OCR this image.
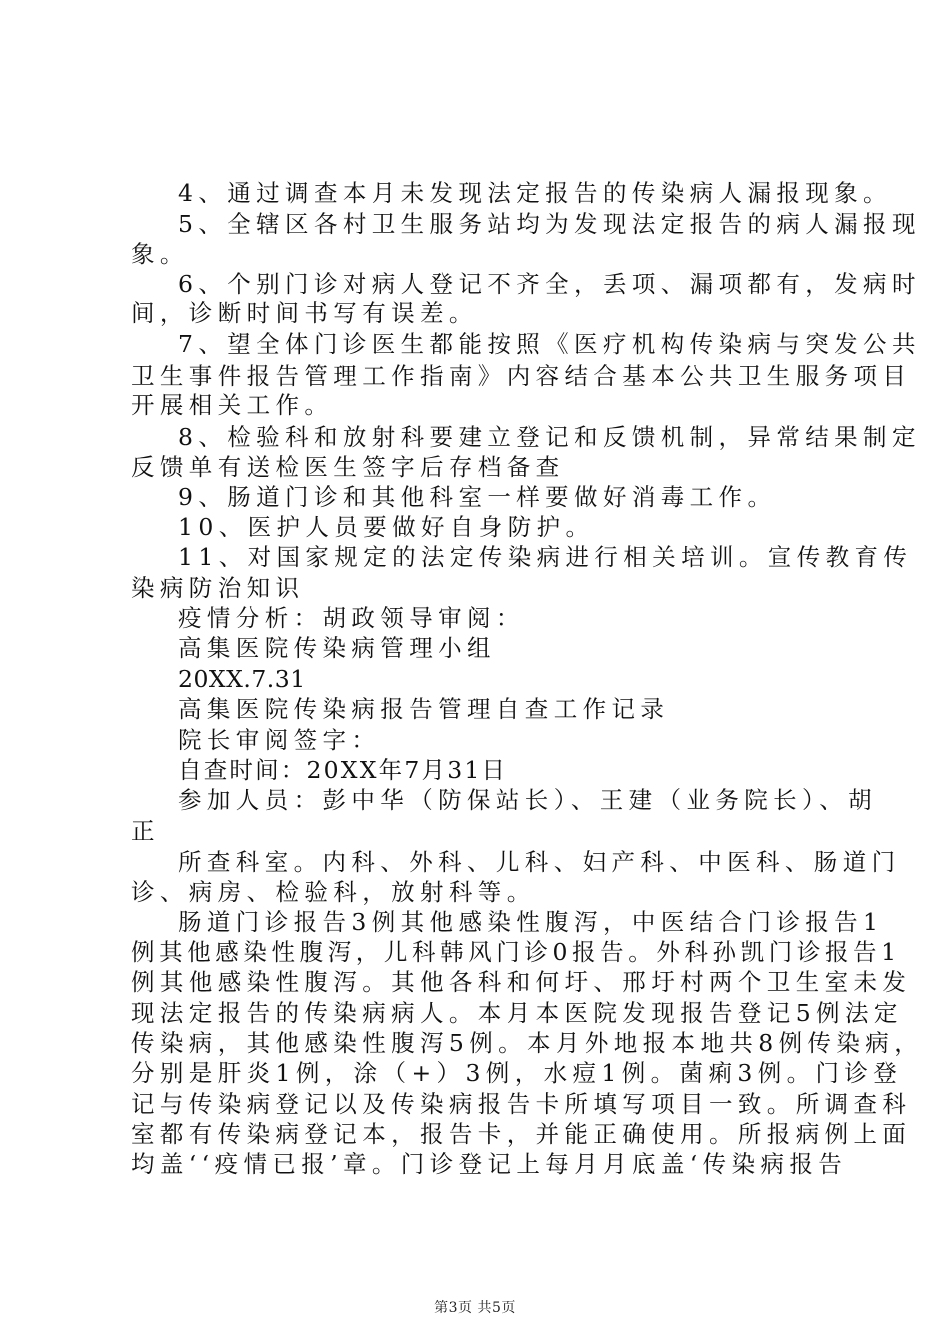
4、通过调查本月未发现法定报告的传染病人漏报现象。
5、全辖区各村卫生服务站均为发现法定报告的病人漏报现
象。
6、个别门诊对病人登记不齐全，丢项、漏项都有，发病时
间，诊断时间书写有误差。
7、望全体门诊医生都能按照《医疗机构传染病与突发公共
卫生事件报告管理工作指南》内容结合基本公共卫生服务项目
开展相关工作。
8、检验科和放射科要建立登记和反馈机制，异常结果制定
反馈单有送检医生签字后存档备查
9、肠道门诊和其他科室一样要做好消毒工作。
10、医护人员要做好自身防护。
11、对国家规定的法定传染病进行相关培训。宣传教育传
染病防治知识
疫情分析：胡政领导审阅：
高集医院传染病管理小组
20XX.7.31
高集医院传染病报告管理自查工作记录
院长审阅签字：
自查时间：20XX年7月31日
参加人员：彭中华（防保站长）、王建（业务院长）、胡
正
所查科室。内科、外科、儿科、妇产科、中医科、肠道门
诊、病房、检验科，放射科等。
肠道门诊报告3例其他感染性腹泻，中医结合门诊报告1
例其他感染性腹泻，儿科韩风门诊0报告。外科孙凯门诊报告1
例其他感染性腹泻。其他各科和何圩、邢圩村两个卫生室未发
现法定报告的传染病病人。本月本医院发现报告登记5例法定
传染病，其他感染性腹泻5例。本月外地报本地共8例传染病，
分别是肝炎1例，涂（+）3例，水痘1例。菌痢3例。门诊登
记与传染病登记以及传染病报告卡所填写项目一致。所调查科
室都有传染病登记本，报告卡，并能正确使用。所报病例上面
均盖‘‘疫情已报’章。门诊登记上每月月底盖‘传染病报告
第3页 共5页
